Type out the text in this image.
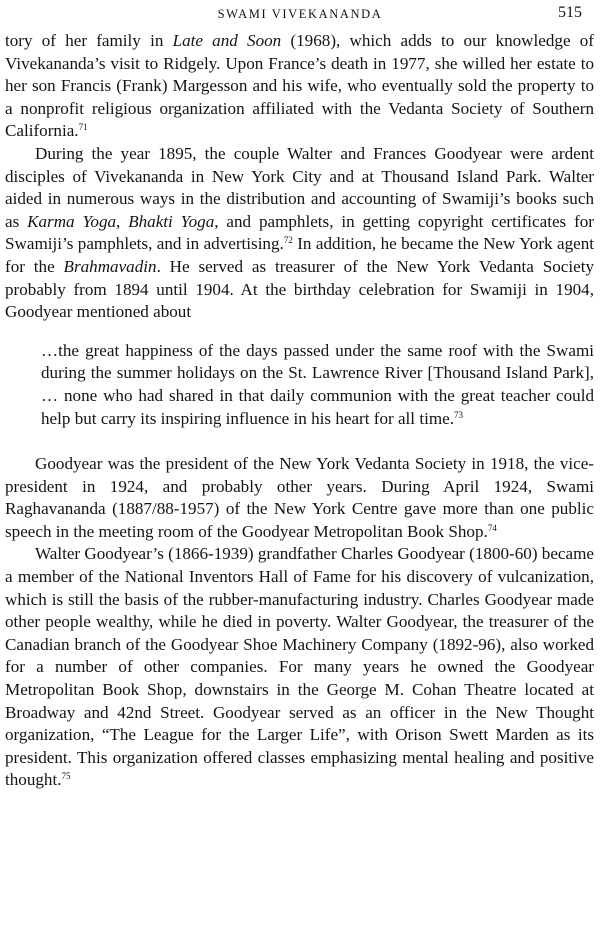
SWAMI VIVEKANANDA	515

tory of her family in Late and Soon (1968), which adds to our knowledge of Vivekananda’s visit to Ridgely. Upon France’s death in 1977, she willed her estate to her son Francis (Frank) Margesson and his wife, who eventually sold the property to a nonprofit religious organization affiliated with the Vedanta Society of Southern California.$^{71}$

During the year 1895, the couple Walter and Frances Goodyear were ardent disciples of Vivekananda in New York City and at Thousand Island Park. Walter aided in numerous ways in the distribution and accounting of Swamiji’s books such as Karma Yoga, Bhakti Yoga, and pamphlets, in getting copyright certificates for Swamiji’s pamphlets, and in advertising.$^{72}$ In addition, he became the New York agent for the Brahmavadin. He served as treasurer of the New York Vedanta Society probably from 1894 until 1904. At the birthday celebration for Swamiji in 1904, Goodyear mentioned about

…the great happiness of the days passed under the same roof with the Swami during the summer holidays on the St. Lawrence River [Thousand Island Park], … none who had shared in that daily communion with the great teacher could help but carry its inspiring influence in his heart for all time.$^{73}$

Goodyear was the president of the New York Vedanta Society in 1918, the vice-president in 1924, and probably other years. During April 1924, Swami Raghavananda (1887/88-1957) of the New York Centre gave more than one public speech in the meeting room of the Goodyear Metropolitan Book Shop.$^{74}$

Walter Goodyear’s (1866-1939) grandfather Charles Goodyear (1800-60) became a member of the National Inventors Hall of Fame for his discovery of vulcanization, which is still the basis of the rubber-manufacturing industry. Charles Goodyear made other people wealthy, while he died in poverty. Walter Goodyear, the treasurer of the Canadian branch of the Goodyear Shoe Machinery Company (1892-96), also worked for a number of other companies. For many years he owned the Goodyear Metropolitan Book Shop, downstairs in the George M. Cohan Theatre located at Broadway and 42nd Street. Goodyear served as an officer in the New Thought organization, “The League for the Larger Life”, with Orison Swett Marden as its president. This organization offered classes emphasizing mental healing and positive thought.$^{75}$
